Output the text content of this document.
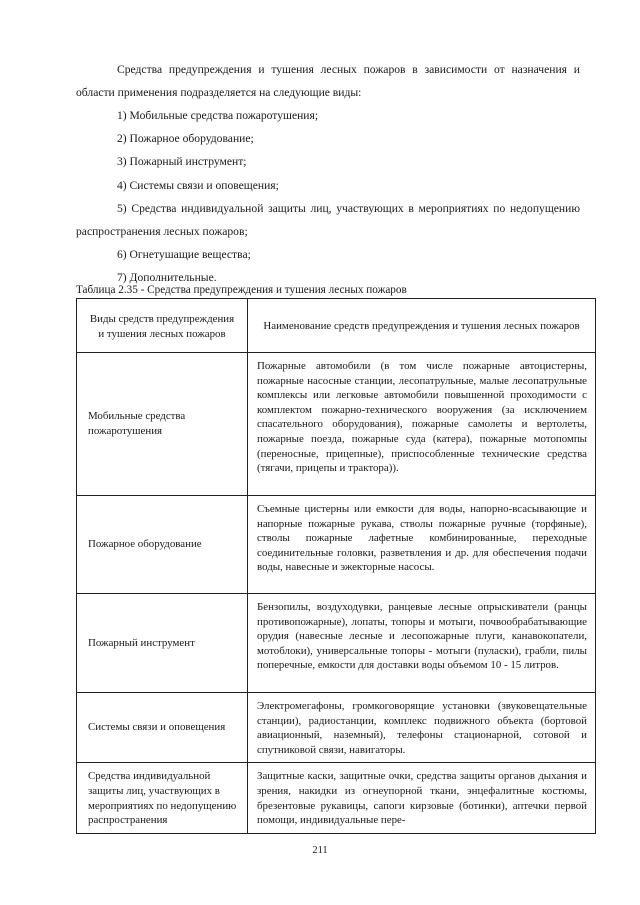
Средства предупреждения и тушения лесных пожаров в зависимости от назначения и области применения подразделяется на следующие виды:

1) Мобильные средства пожаротушения;
2) Пожарное оборудование;
3) Пожарный инструмент;
4) Системы связи и оповещения;
5) Средства индивидуальной защиты лиц, участвующих в мероприятиях по недопущению распространения лесных пожаров;
6) Огнетушащие вещества;
7) Дополнительные.

Таблица 2.35 - Средства предупреждения и тушения лесных пожаров

Виды средств предупреждения и тушения лесных пожаров	Наименование средств предупреждения и тушения лесных пожаров
Мобильные средства пожаротушения	Пожарные автомобили (в том числе пожарные автоцистерны, пожарные насосные станции, лесопатрульные, малые лесопатрульные комплексы или легковые автомобили повышенной проходимости с комплектом пожарно-технического вооружения (за исключением спасательного оборудования), пожарные самолеты и вертолеты, пожарные поезда, пожарные суда (катера), пожарные мотопомпы (переносные, прицепные), приспособленные технические средства (тягачи, прицепы и трактора)).
Пожарное оборудование	Съемные цистерны или емкости для воды, напорно-всасывающие и напорные пожарные рукава, стволы пожарные ручные (торфяные), стволы пожарные лафетные комбинированные, переходные соединительные головки, разветвления и др. для обеспечения подачи воды, навесные и эжекторные насосы.
Пожарный инструмент	Бензопилы, воздуходувки, ранцевые лесные опрыскиватели (ранцы противопожарные), лопаты, топоры и мотыги, почвообрабатывающие орудия (навесные лесные и лесопожарные плуги, канавокопатели, мотоблоки), универсальные топоры - мотыги (пуласки), грабли, пилы поперечные, емкости для доставки воды объемом 10 - 15 литров.
Системы связи и оповещения	Электромегафоны, громкоговорящие установки (звуковещательные станции), радиостанции, комплекс подвижного объекта (бортовой авиационный, наземный), телефоны стационарной, сотовой и спутниковой связи, навигаторы.
Средства индивидуальной защиты лиц, участвующих в мероприятиях по недопущению распространения	Защитные каски, защитные очки, средства защиты органов дыхания и зрения, накидки из огнеупорной ткани, энцефалитные костюмы, брезентовые рукавицы, сапоги кирзовые (ботинки), аптечки первой помощи, индивидуальные пере-
211
